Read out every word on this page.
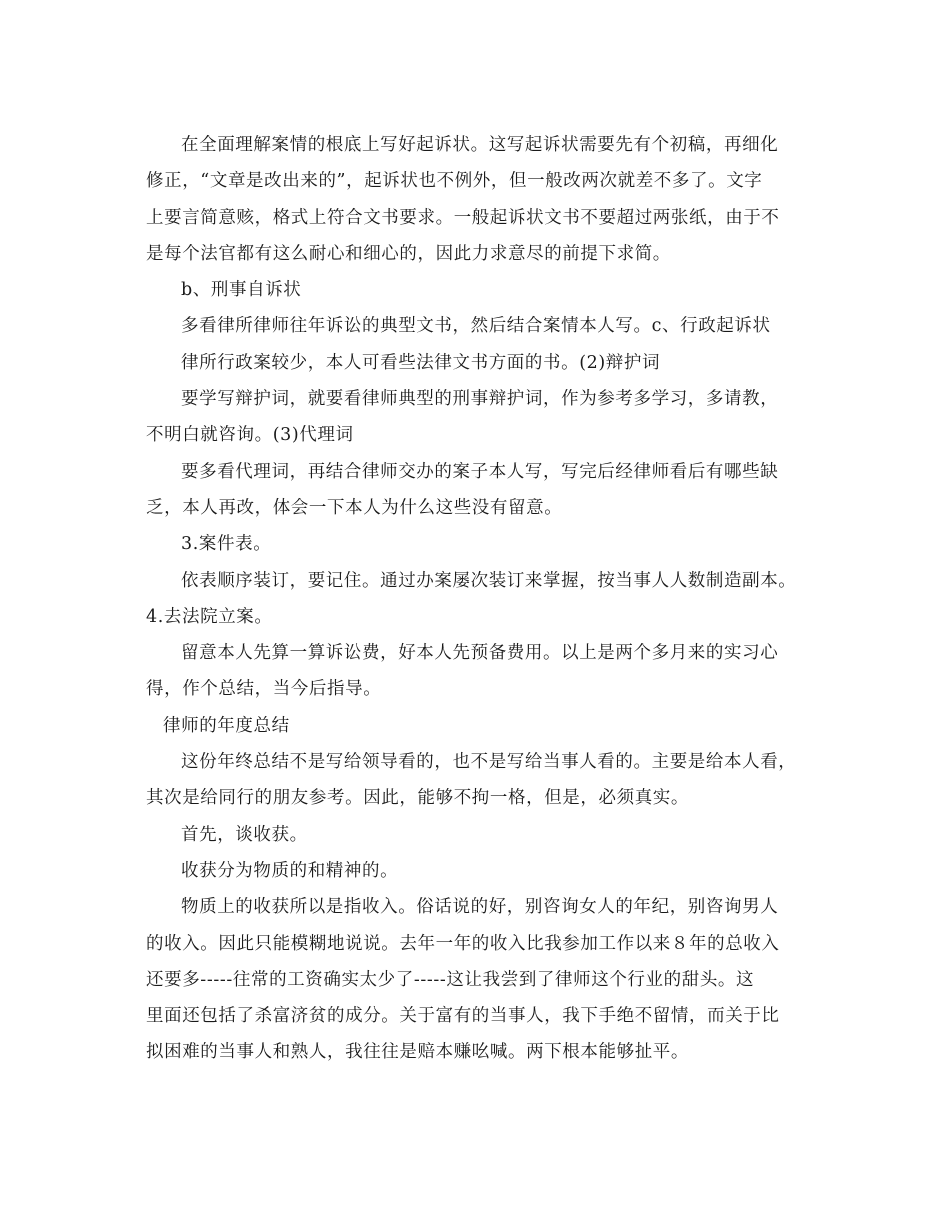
在全面理解案情的根底上写好起诉状。这写起诉状需要先有个初稿，再细化
修正，“文章是改出来的”，起诉状也不例外，但一般改两次就差不多了。文字
上要言简意赅，格式上符合文书要求。一般起诉状文书不要超过两张纸，由于不
是每个法官都有这么耐心和细心的，因此力求意尽的前提下求简。
b、刑事自诉状
多看律所律师往年诉讼的典型文书，然后结合案情本人写。c、行政起诉状
律所行政案较少，本人可看些法律文书方面的书。(2)辩护词
要学写辩护词，就要看律师典型的刑事辩护词，作为参考多学习，多请教，
不明白就咨询。(3)代理词
要多看代理词，再结合律师交办的案子本人写，写完后经律师看后有哪些缺
乏，本人再改，体会一下本人为什么这些没有留意。
3.案件表。
依表顺序装订，要记住。通过办案屡次装订来掌握，按当事人人数制造副本。
4.去法院立案。
留意本人先算一算诉讼费，好本人先预备费用。以上是两个多月来的实习心
得，作个总结，当今后指导。
律师的年度总结
这份年终总结不是写给领导看的，也不是写给当事人看的。主要是给本人看，
其次是给同行的朋友参考。因此，能够不拘一格，但是，必须真实。
首先，谈收获。
收获分为物质的和精神的。
物质上的收获所以是指收入。俗话说的好，别咨询女人的年纪，别咨询男人
的收入。因此只能模糊地说说。去年一年的收入比我参加工作以来８年的总收入
还要多-----往常的工资确实太少了-----这让我尝到了律师这个行业的甜头。这
里面还包括了杀富济贫的成分。关于富有的当事人，我下手绝不留情，而关于比
拟困难的当事人和熟人，我往往是赔本赚吆喊。两下根本能够扯平。
